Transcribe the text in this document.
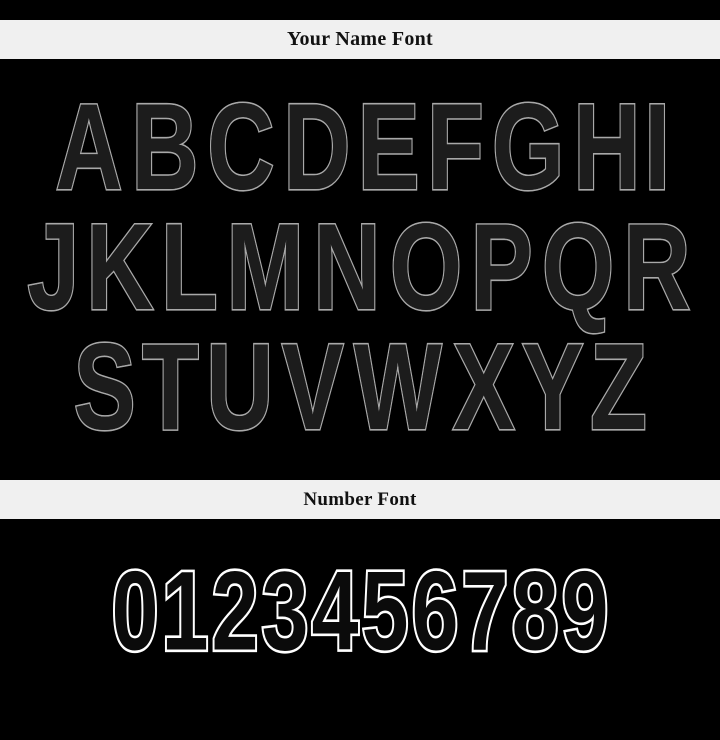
Your Name Font
A B C D E F G H I
J K L M N O P Q R
S T U V W X Y Z
Number Font
0 1 2 3 4 5 6 7 8 9
